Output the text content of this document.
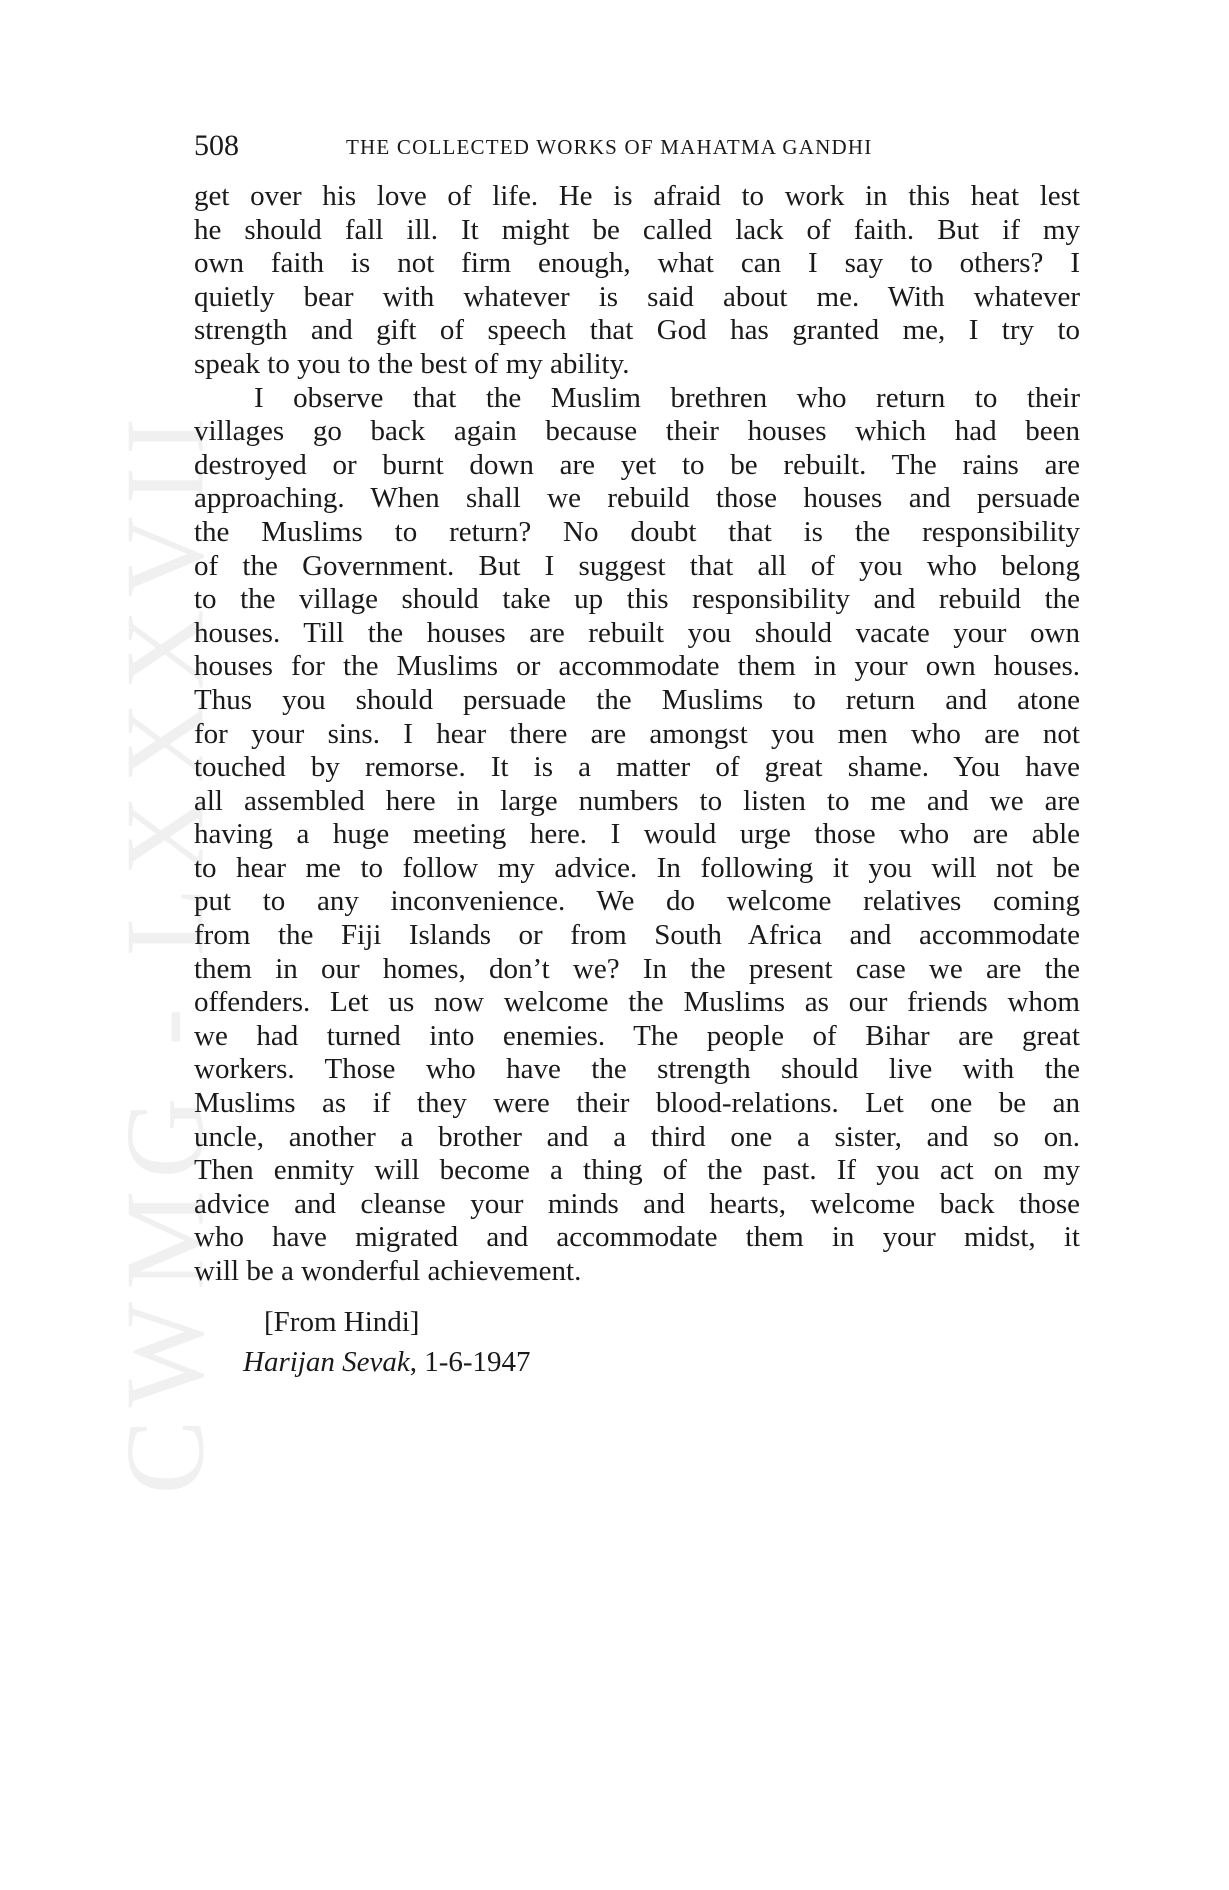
CWMG - LXXXVII
508	THE COLLECTED WORKS OF MAHATMA GANDHI

get over his love of life. He is afraid to work in this heat lest
he should fall ill. It might be called lack of faith. But if my
own faith is not firm enough, what can I say to others? I
quietly bear with whatever is said about me. With whatever
strength and gift of speech that God has granted me, I try to
speak to you to the best of my ability.

I observe that the Muslim brethren who return to their
villages go back again because their houses which had been
destroyed or burnt down are yet to be rebuilt. The rains are
approaching. When shall we rebuild those houses and persuade
the Muslims to return? No doubt that is the responsibility
of the Government. But I suggest that all of you who belong
to the village should take up this responsibility and rebuild the
houses. Till the houses are rebuilt you should vacate your own
houses for the Muslims or accommodate them in your own houses.
Thus you should persuade the Muslims to return and atone
for your sins. I hear there are amongst you men who are not
touched by remorse. It is a matter of great shame. You have
all assembled here in large numbers to listen to me and we are
having a huge meeting here. I would urge those who are able
to hear me to follow my advice. In following it you will not be
put to any inconvenience. We do welcome relatives coming
from the Fiji Islands or from South Africa and accommodate
them in our homes, don’t we? In the present case we are the
offenders. Let us now welcome the Muslims as our friends whom
we had turned into enemies. The people of Bihar are great
workers. Those who have the strength should live with the
Muslims as if they were their blood-relations. Let one be an
uncle, another a brother and a third one a sister, and so on.
Then enmity will become a thing of the past. If you act on my
advice and cleanse your minds and hearts, welcome back those
who have migrated and accommodate them in your midst, it
will be a wonderful achievement.

[From Hindi]
Harijan Sevak, 1-6-1947
